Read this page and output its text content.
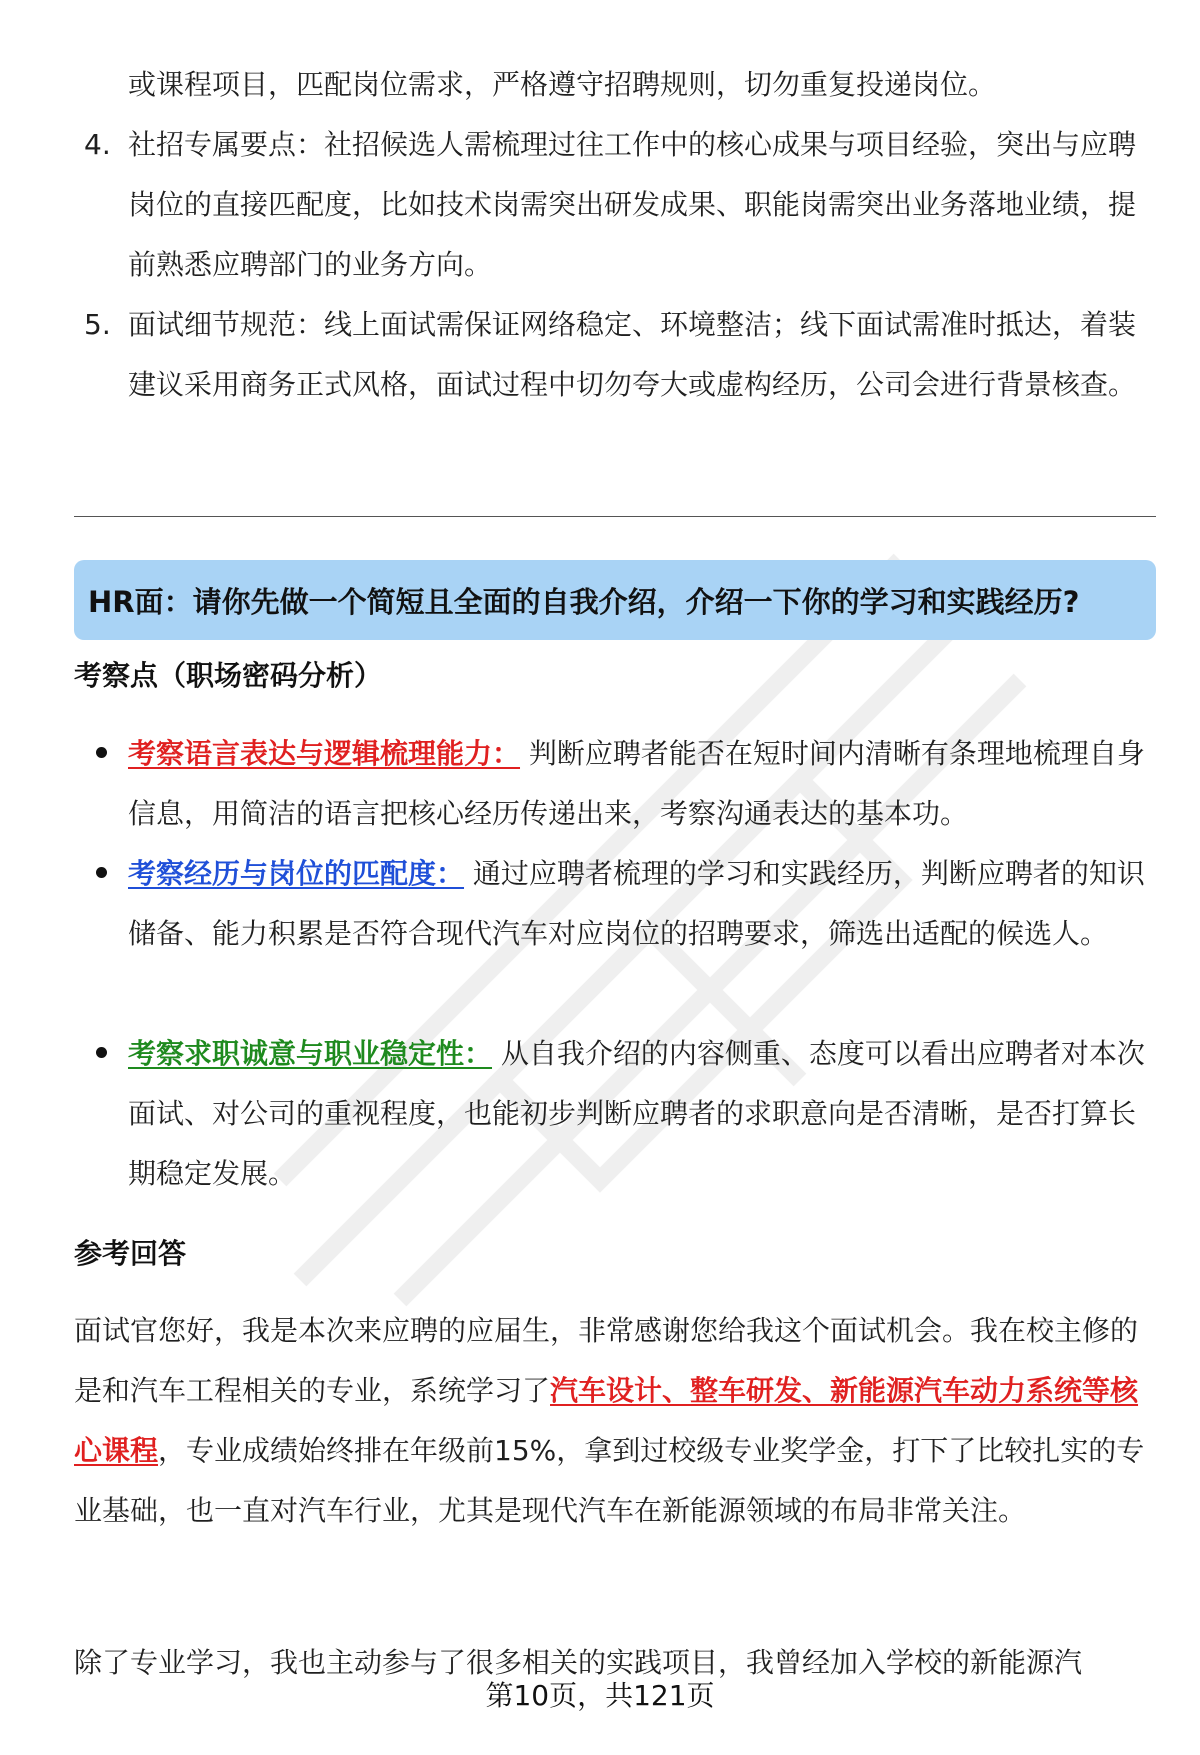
或课程项目，匹配岗位需求，严格遵守招聘规则，切勿重复投递岗位。
4. 社招专属要点：社招候选人需梳理过往工作中的核心成果与项目经验，突出与应聘岗位的直接匹配度，比如技术岗需突出研发成果、职能岗需突出业务落地业绩，提前熟悉应聘部门的业务方向。
5. 面试细节规范：线上面试需保证网络稳定、环境整洁；线下面试需准时抵达，着装建议采用商务正式风格，面试过程中切勿夸大或虚构经历，公司会进行背景核查。
HR面：请你先做一个简短且全面的自我介绍，介绍一下你的学习和实践经历?
考察点（职场密码分析）
考察语言表达与逻辑梳理能力： 判断应聘者能否在短时间内清晰有条理地梳理自身信息，用简洁的语言把核心经历传递出来，考察沟通表达的基本功。
考察经历与岗位的匹配度： 通过应聘者梳理的学习和实践经历，判断应聘者的知识储备、能力积累是否符合现代汽车对应岗位的招聘要求，筛选出适配的候选人。
考察求职诚意与职业稳定性： 从自我介绍的内容侧重、态度可以看出应聘者对本次面试、对公司的重视程度，也能初步判断应聘者的求职意向是否清晰，是否打算长期稳定发展。
参考回答
面试官您好，我是本次来应聘的应届生，非常感谢您给我这个面试机会。我在校主修的是和汽车工程相关的专业，系统学习了汽车设计、整车研发、新能源汽车动力系统等核心课程，专业成绩始终排在年级前15%，拿到过校级专业奖学金，打下了比较扎实的专业基础，也一直对汽车行业，尤其是现代汽车在新能源领域的布局非常关注。
除了专业学习，我也主动参与了很多相关的实践项目，我曾经加入学校的新能源汽
第10页，共121页
